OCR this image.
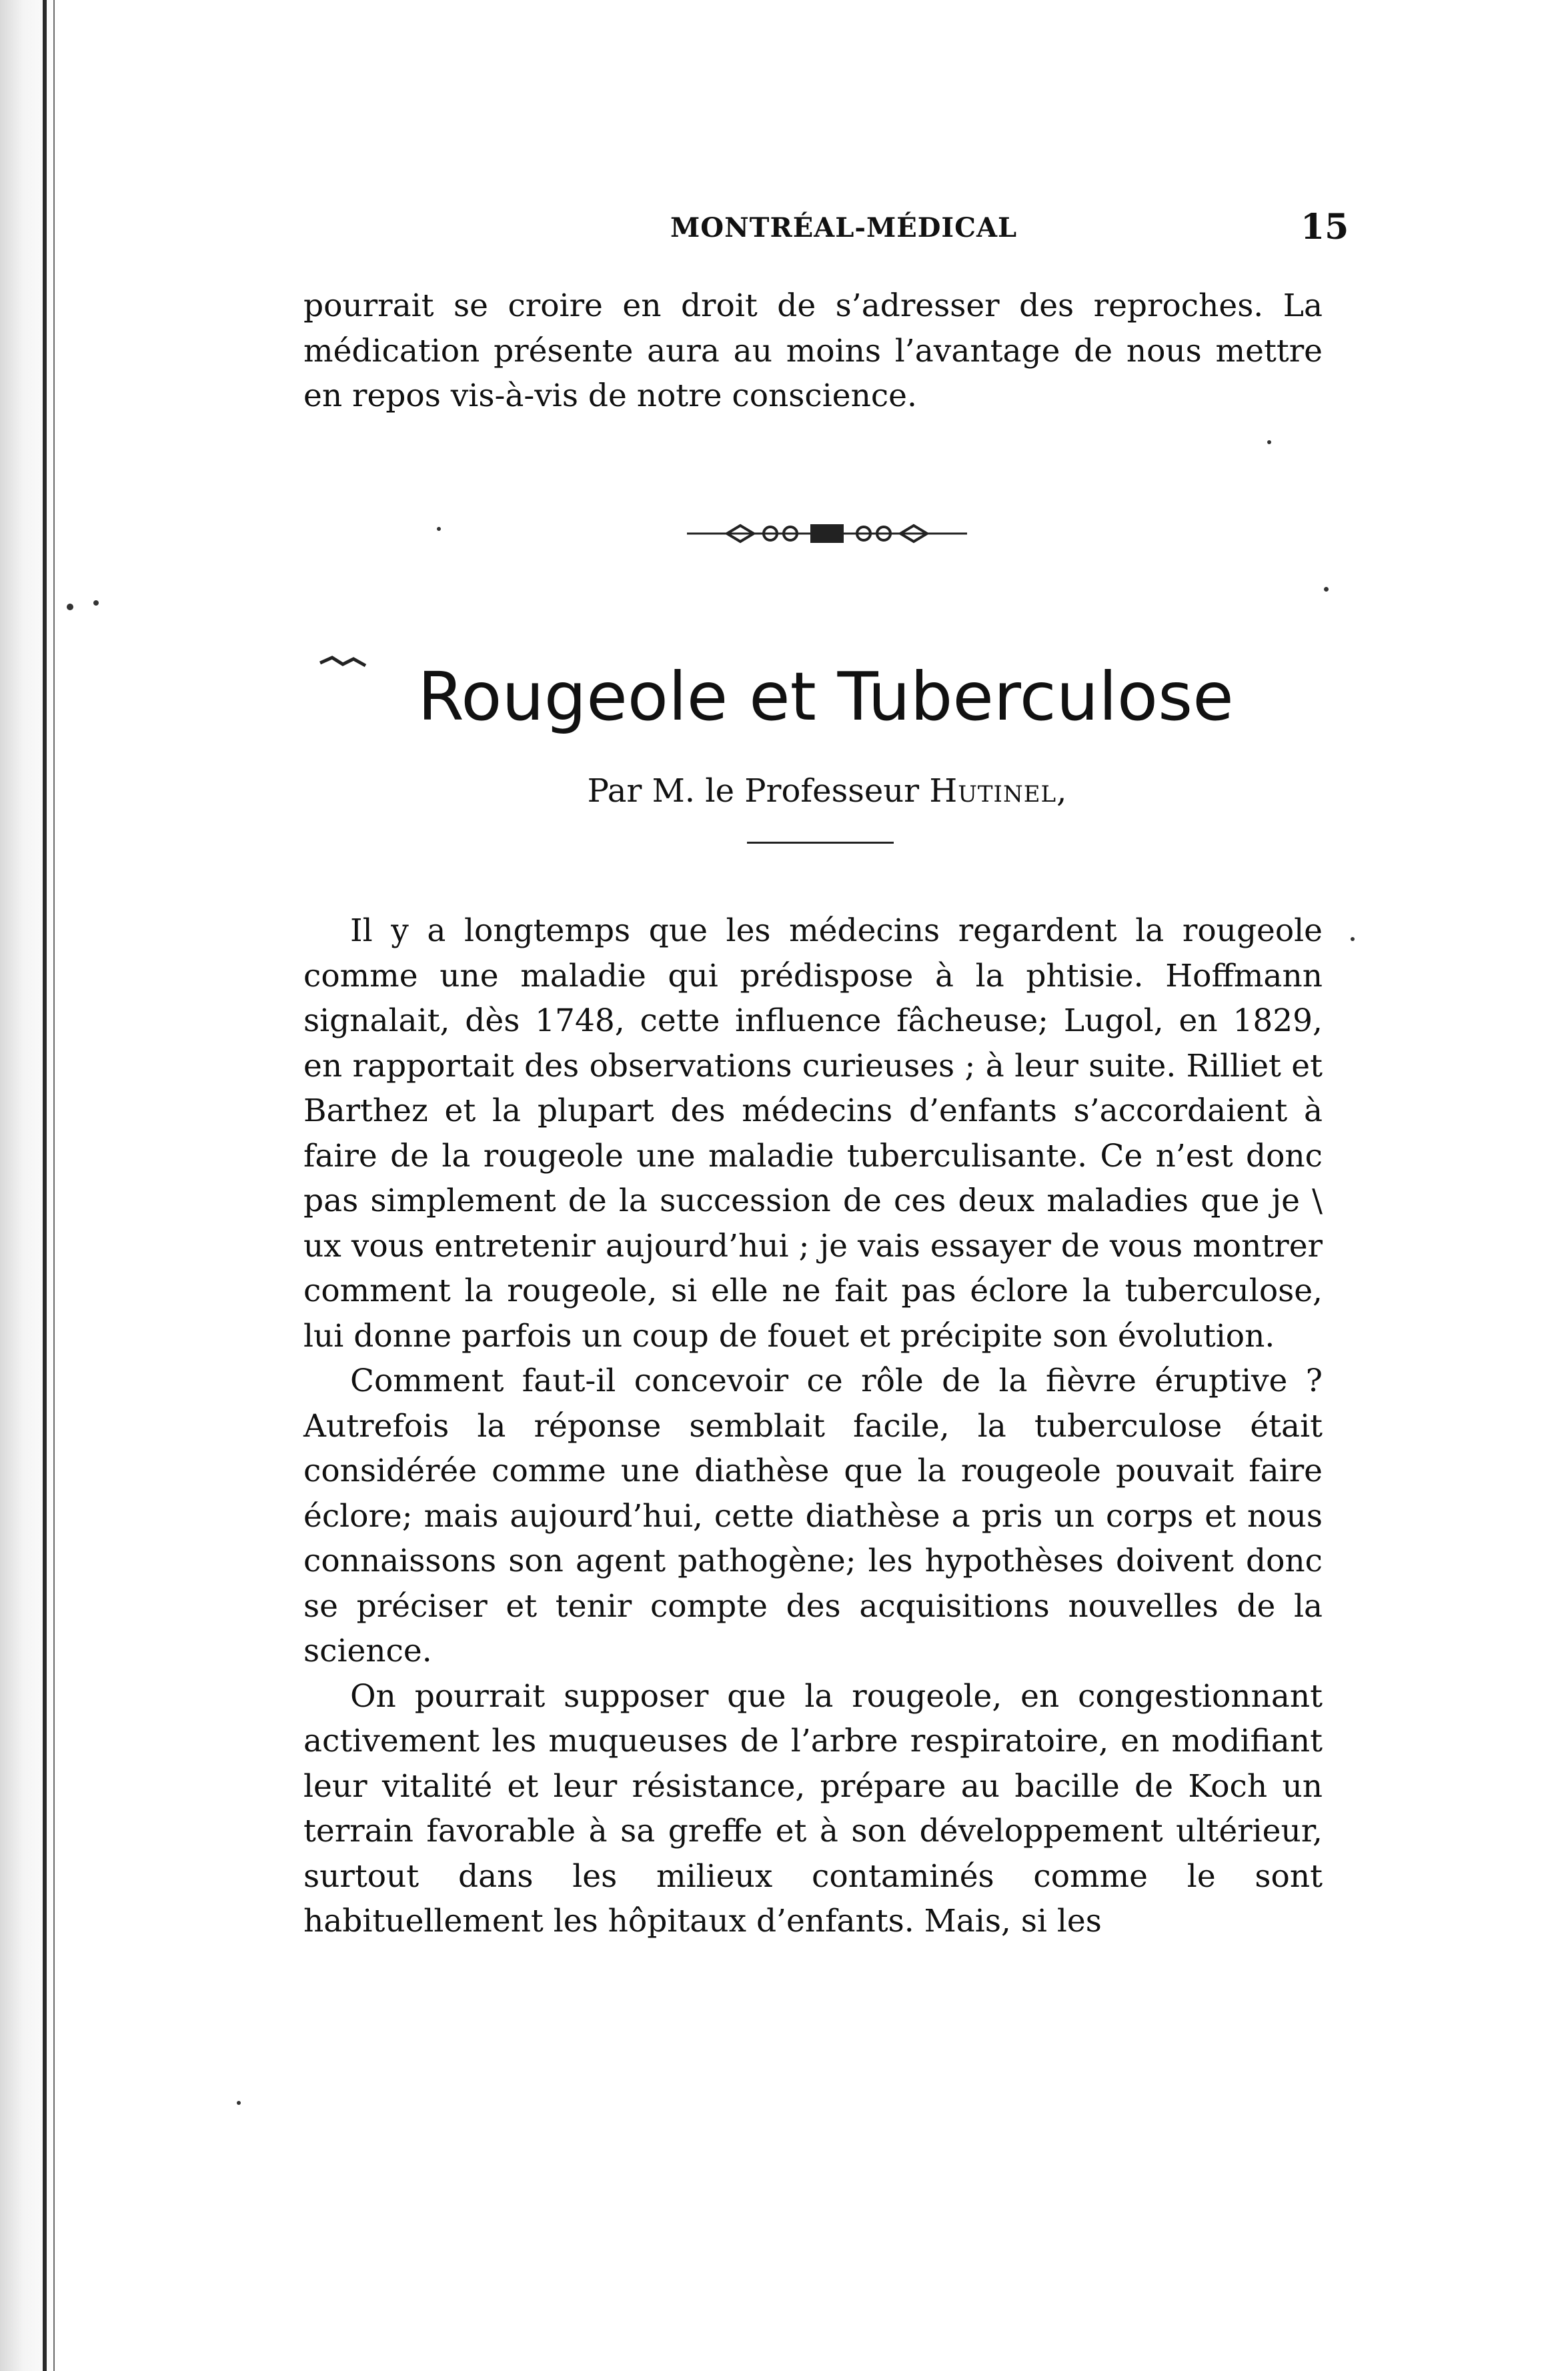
MONTRÉAL-MÉDICAL	15

pourrait se croire en droit de s’adresser des reproches. La médication présente aura au moins l’avantage de nous mettre en repos vis-à-vis de notre conscience.

Rougeole et Tuberculose
Par M. le Professeur Hutinel,

Il y a longtemps que les médecins regardent la rougeole comme une maladie qui prédispose à la phtisie. Hoffmann signalait, dès 1748, cette influence fâcheuse; Lugol, en 1829, en rapportait des observations curieuses ; à leur suite. Rilliet et Barthez et la plupart des médecins d’enfants s’accordaient à faire de la rougeole une maladie tuberculisante. Ce n’est donc pas simplement de la succession de ces deux maladies que je \ ux vous entretenir aujourd’hui ; je vais essayer de vous montrer comment la rougeole, si elle ne fait pas éclore la tuberculose, lui donne parfois un coup de fouet et précipite son évolution.

Comment faut-il concevoir ce rôle de la fièvre éruptive ? Autrefois la réponse semblait facile, la tuberculose était considérée comme une diathèse que la rougeole pouvait faire éclore; mais aujourd’hui, cette diathèse a pris un corps et nous connaissons son agent pathogène; les hypothèses doivent donc se préciser et tenir compte des acquisitions nouvelles de la science.

On pourrait supposer que la rougeole, en congestionnant activement les muqueuses de l’arbre respiratoire, en modifiant leur vitalité et leur résistance, prépare au bacille de Koch un terrain favorable à sa greffe et à son développement ultérieur, surtout dans les milieux contaminés comme le sont habituellement les hôpitaux d’enfants. Mais, si les
